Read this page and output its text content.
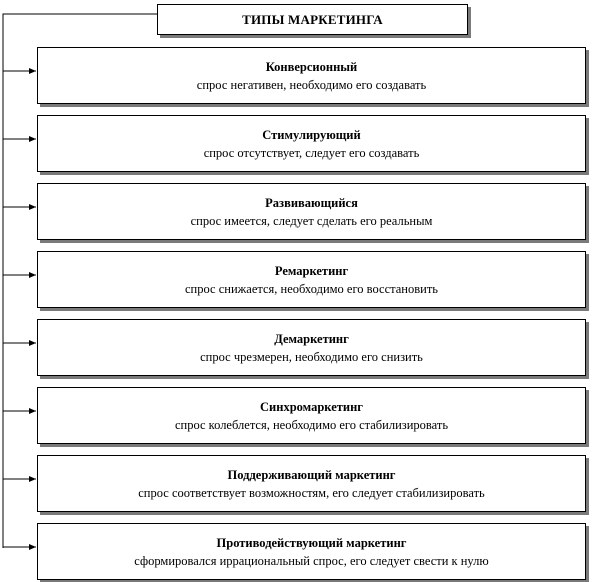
ТИПЫ МАРКЕТИНГА
Конверсионный
спрос негативен, необходимо его создавать
Стимулирующий
спрос отсутствует, следует его создавать
Развивающийся
спрос имеется, следует сделать его реальным
Ремаркетинг
спрос снижается, необходимо его восстановить
Демаркетинг
спрос чрезмерен, необходимо его снизить
Синхромаркетинг
спрос колеблется, необходимо его стабилизировать
Поддерживающий маркетинг
спрос соответствует возможностям, его следует стабилизировать
Противодействующий маркетинг
сформировался иррациональный спрос, его следует свести к нулю
